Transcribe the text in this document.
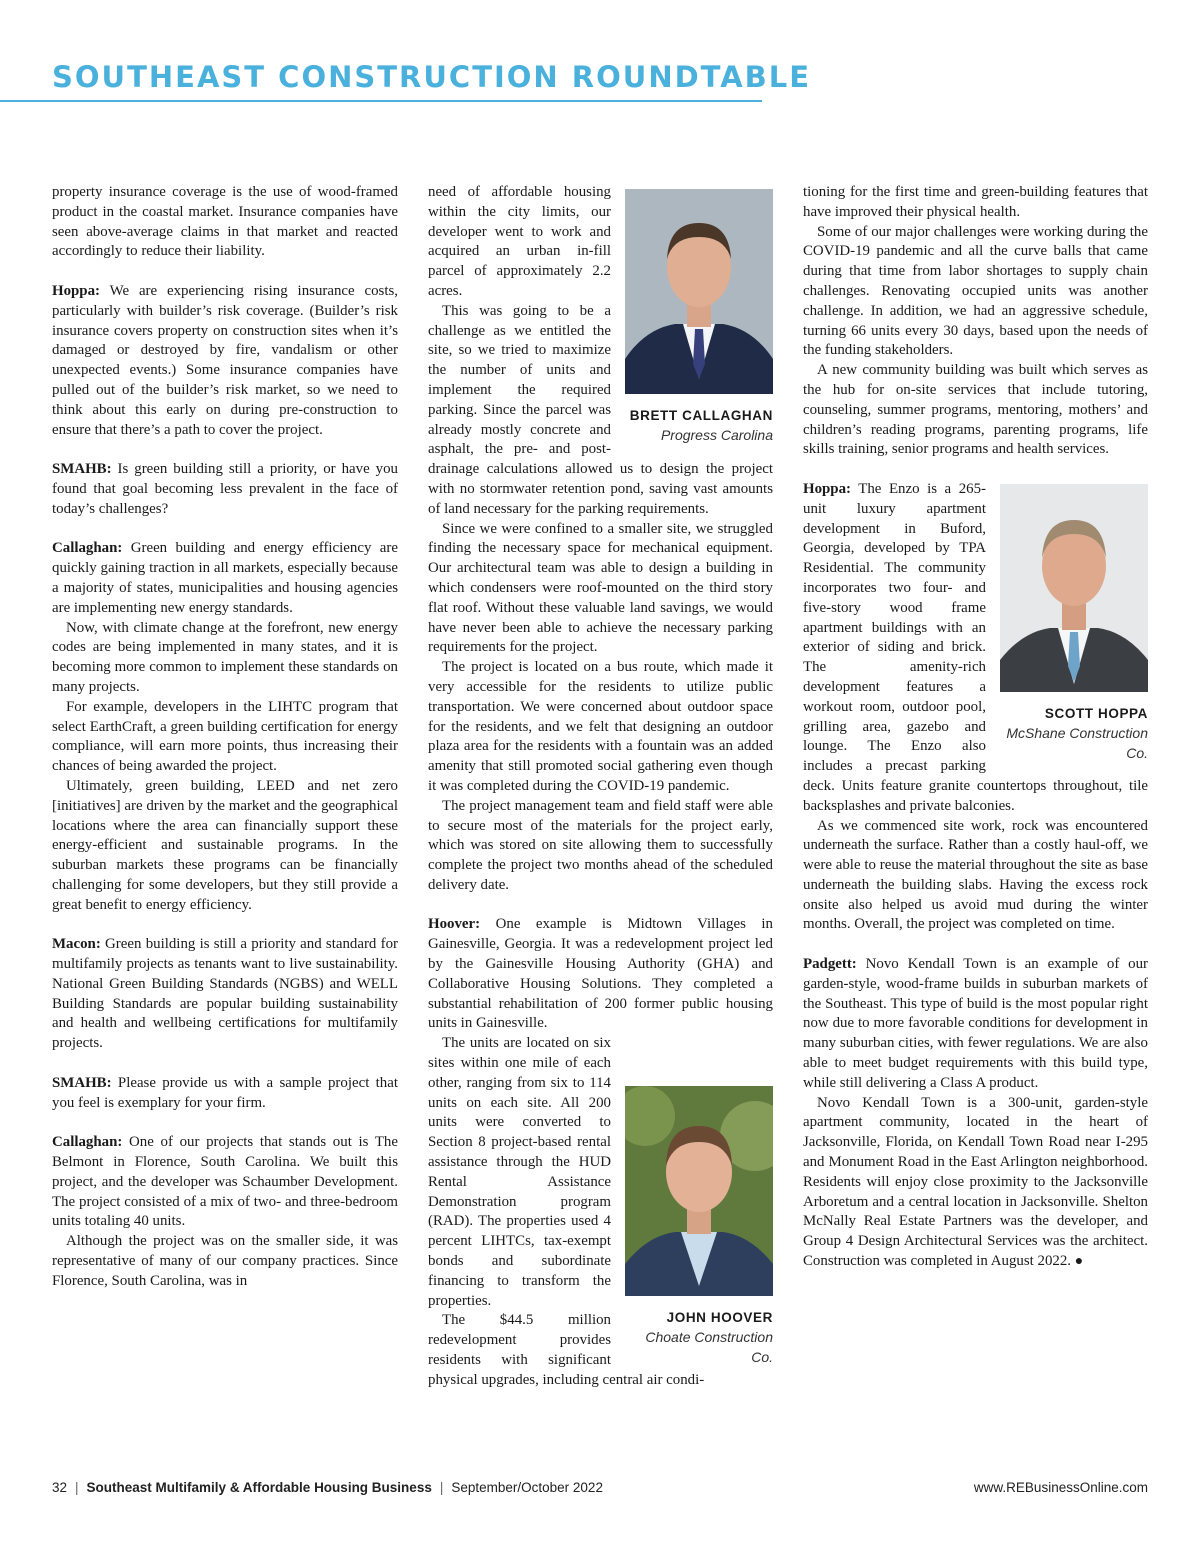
SOUTHEAST CONSTRUCTION ROUNDTABLE

property insurance coverage is the use of wood-framed product in the coastal market. Insurance companies have seen above-average claims in that market and reacted accordingly to reduce their liability.

Hoppa: We are experiencing rising insurance costs, particularly with builder’s risk coverage. (Builder’s risk insurance covers property on construction sites when it’s damaged or destroyed by fire, vandalism or other unexpected events.) Some insurance companies have pulled out of the builder’s risk market, so we need to think about this early on during pre-construction to ensure that there’s a path to cover the project.

SMAHB: Is green building still a priority, or have you found that goal becoming less prevalent in the face of today’s challenges?

Callaghan: Green building and energy efficiency are quickly gaining traction in all markets, especially because a majority of states, municipalities and housing agencies are implementing new energy standards.

Now, with climate change at the forefront, new energy codes are being implemented in many states, and it is becoming more common to implement these standards on many projects.

For example, developers in the LIHTC program that select EarthCraft, a green building certification for energy compliance, will earn more points, thus increasing their chances of being awarded the project.

Ultimately, green building, LEED and net zero [initiatives] are driven by the market and the geographical locations where the area can financially support these energy-efficient and sustainable programs. In the suburban markets these programs can be financially challenging for some developers, but they still provide a great benefit to energy efficiency.

Macon: Green building is still a priority and standard for multifamily projects as tenants want to live sustainability. National Green Building Standards (NGBS) and WELL Building Standards are popular building sustainability and health and wellbeing certifications for multifamily projects.

SMAHB: Please provide us with a sample project that you feel is exemplary for your firm.

Callaghan: One of our projects that stands out is The Belmont in Florence, South Carolina. We built this project, and the developer was Schaumber Development. The project consisted of a mix of two- and three-bedroom units totaling 40 units.

Although the project was on the smaller side, it was representative of many of our company practices. Since Florence, South Carolina, was in

BRETT CALLAGHAN
Progress Carolina

need of affordable housing within the city limits, our developer went to work and acquired an urban in-fill parcel of approximately 2.2 acres.

This was going to be a challenge as we entitled the site, so we tried to maximize the number of units and implement the required parking. Since the parcel was already mostly concrete and asphalt, the pre- and post-drainage calculations allowed us to design the project with no stormwater retention pond, saving vast amounts of land necessary for the parking requirements.

Since we were confined to a smaller site, we struggled finding the necessary space for mechanical equipment. Our architectural team was able to design a building in which condensers were roof-mounted on the third story flat roof. Without these valuable land savings, we would have never been able to achieve the necessary parking requirements for the project.

The project is located on a bus route, which made it very accessible for the residents to utilize public transportation. We were concerned about outdoor space for the residents, and we felt that designing an outdoor plaza area for the residents with a fountain was an added amenity that still promoted social gathering even though it was completed during the COVID-19 pandemic.

The project management team and field staff were able to secure most of the materials for the project early, which was stored on site allowing them to successfully complete the project two months ahead of the scheduled delivery date.

Hoover: One example is Midtown Villages in Gainesville, Georgia. It was a redevelopment project led by the Gainesville Housing Authority (GHA) and Collaborative Housing Solutions. They completed a substantial rehabilitation of 200 former public housing units in Gainesville.

JOHN HOOVER
Choate Construction Co.

The units are located on six sites within one mile of each other, ranging from six to 114 units on each site. All 200 units were converted to Section 8 project-based rental assistance through the HUD Rental Assistance Demonstration program (RAD). The properties used 4 percent LIHTCs, tax-exempt bonds and subordinate financing to transform the properties.

The $44.5 million redevelopment provides residents with significant physical upgrades, including central air condi-

tioning for the first time and green-building features that have improved their physical health.

Some of our major challenges were working during the COVID-19 pandemic and all the curve balls that came during that time from labor shortages to supply chain challenges. Renovating occupied units was another challenge. In addition, we had an aggressive schedule, turning 66 units every 30 days, based upon the needs of the funding stakeholders.

A new community building was built which serves as the hub for on-site services that include tutoring, counseling, summer programs, mentoring, mothers’ and children’s reading programs, parenting programs, life skills training, senior programs and health services.

SCOTT HOPPA
McShane Construction Co.

Hoppa: The Enzo is a 265-unit luxury apartment development in Buford, Georgia, developed by TPA Residential. The community incorporates two four- and five-story wood frame apartment buildings with an exterior of siding and brick. The amenity-rich development features a workout room, outdoor pool, grilling area, gazebo and lounge. The Enzo also includes a precast parking deck. Units feature granite countertops throughout, tile backsplashes and private balconies.

As we commenced site work, rock was encountered underneath the surface. Rather than a costly haul-off, we were able to reuse the material throughout the site as base underneath the building slabs. Having the excess rock onsite also helped us avoid mud during the winter months. Overall, the project was completed on time.

Padgett: Novo Kendall Town is an example of our garden-style, wood-frame builds in suburban markets of the Southeast. This type of build is the most popular right now due to more favorable conditions for development in many suburban cities, with fewer regulations. We are also able to meet budget requirements with this build type, while still delivering a Class A product.

Novo Kendall Town is a 300-unit, garden-style apartment community, located in the heart of Jacksonville, Florida, on Kendall Town Road near I-295 and Monument Road in the East Arlington neighborhood. Residents will enjoy close proximity to the Jacksonville Arboretum and a central location in Jacksonville. Shelton McNally Real Estate Partners was the developer, and Group 4 Design Architectural Services was the architect. Construction was completed in August 2022. ●

32 | Southeast Multifamily & Affordable Housing Business | September/October 2022	www.REBusinessOnline.com
